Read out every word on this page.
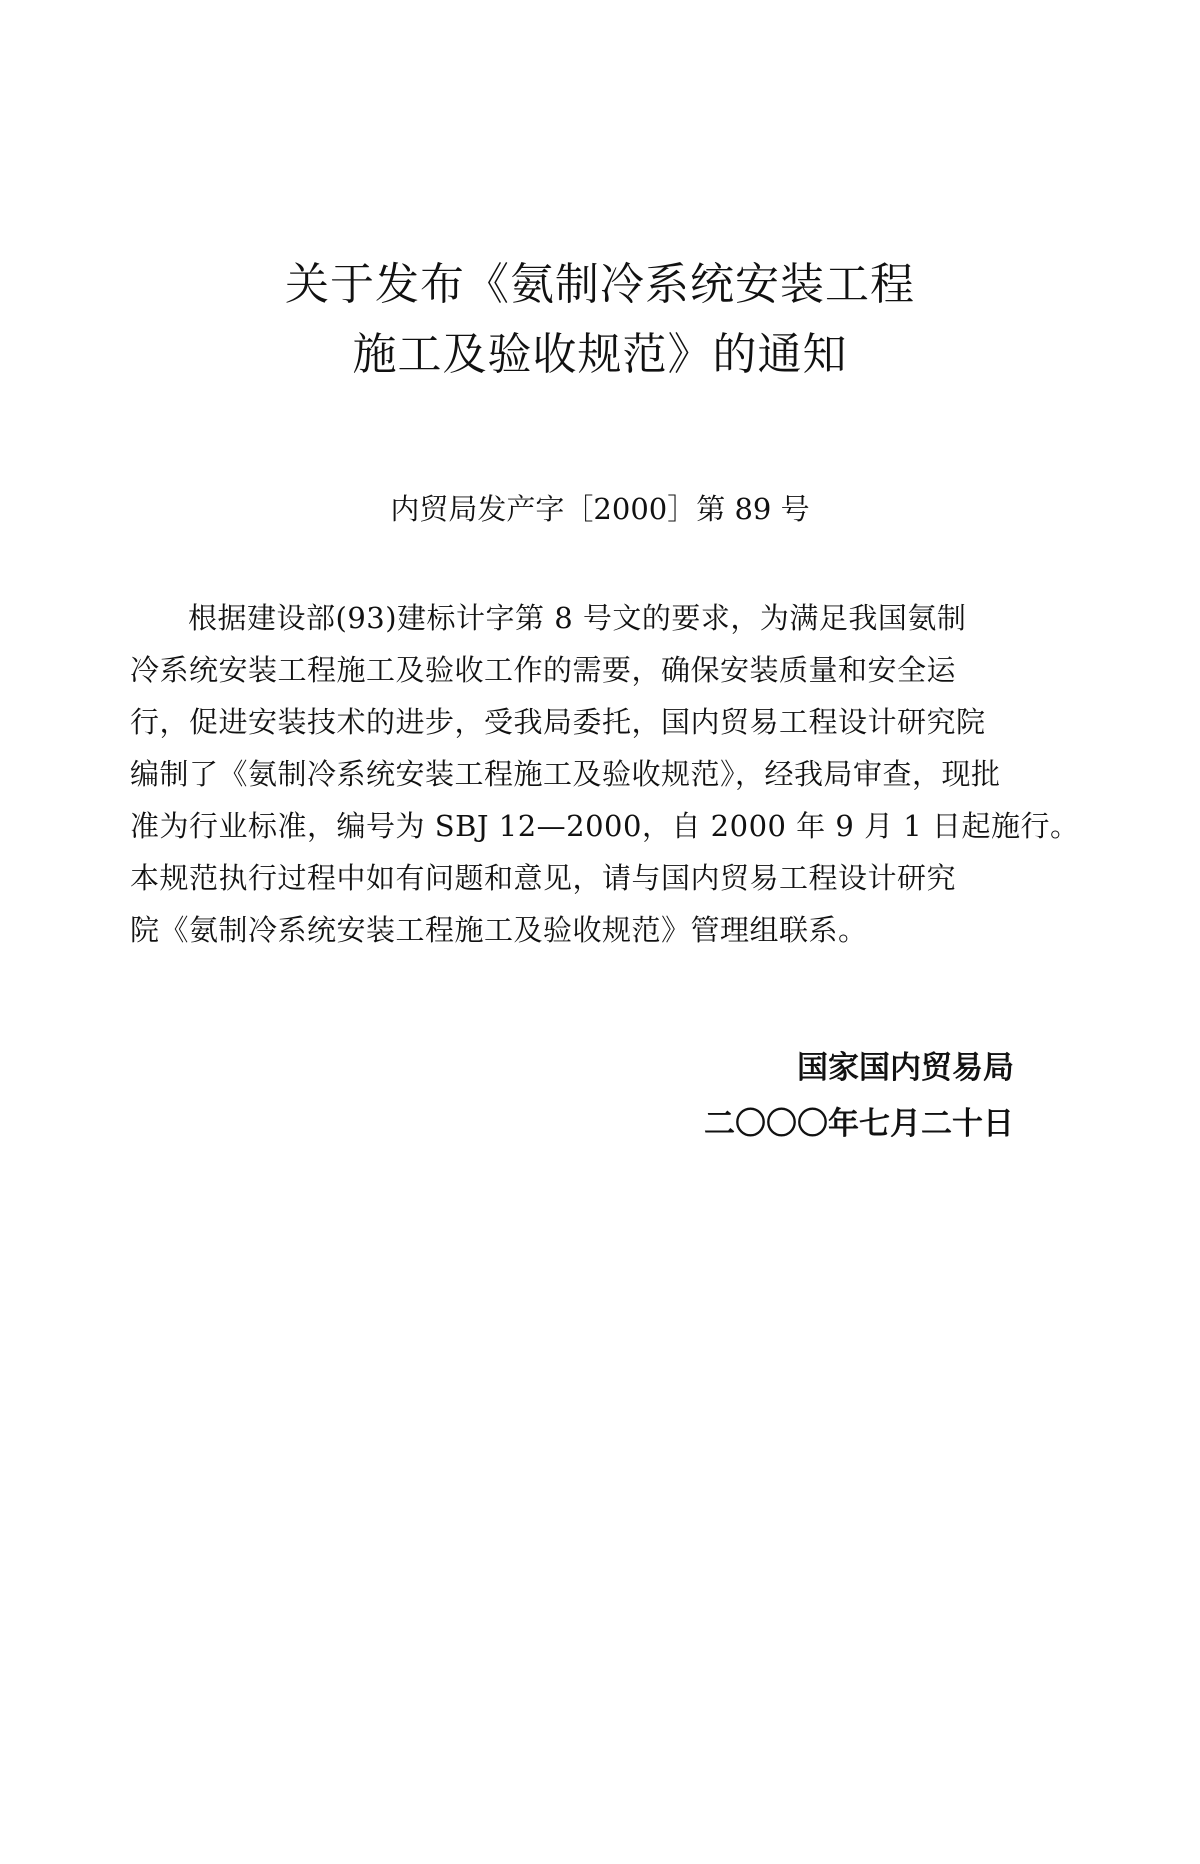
关于发布《氨制冷系统安装工程
施工及验收规范》的通知
内贸局发产字［2000］第 89 号
根据建设部(93)建标计字第 8 号文的要求，为满足我国氨制
冷系统安装工程施工及验收工作的需要，确保安装质量和安全运
行，促进安装技术的进步，受我局委托，国内贸易工程设计研究院
编制了《氨制冷系统安装工程施工及验收规范》，经我局审查，现批
准为行业标准，编号为 SBJ 12—2000，自 2000 年 9 月 1 日起施行。
本规范执行过程中如有问题和意见，请与国内贸易工程设计研究
院《氨制冷系统安装工程施工及验收规范》管理组联系。
国家国内贸易局
二〇〇〇年七月二十日
